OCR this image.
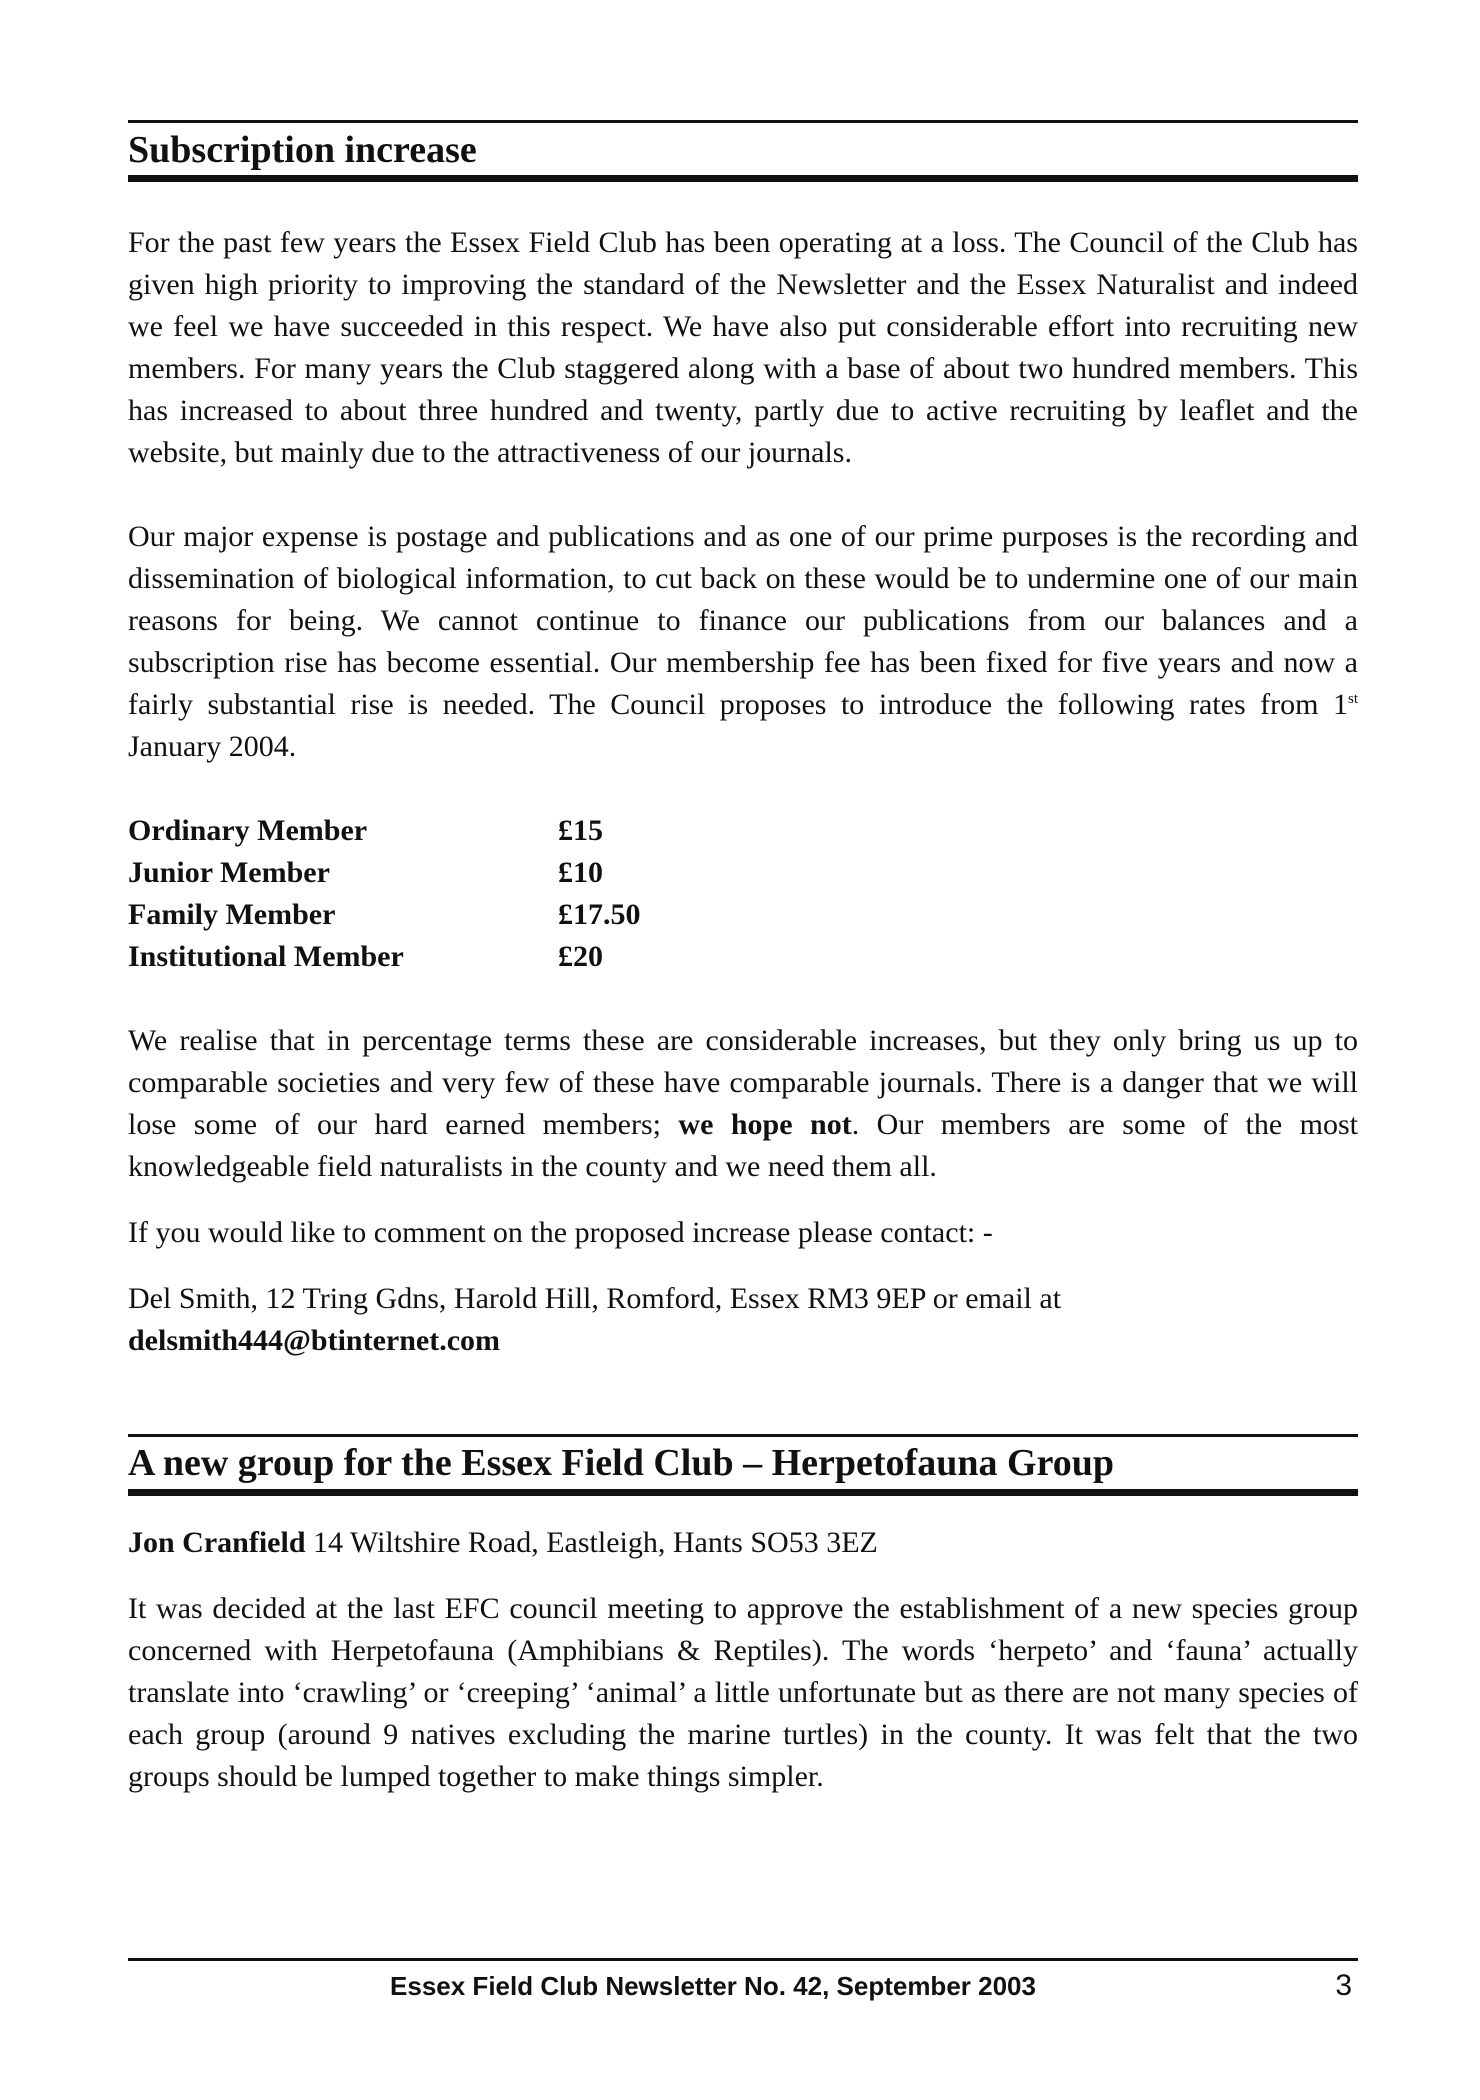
Subscription increase

For the past few years the Essex Field Club has been operating at a loss. The Council of the Club has given high priority to improving the standard of the Newsletter and the Essex Naturalist and indeed we feel we have succeeded in this respect. We have also put considerable effort into recruiting new members. For many years the Club staggered along with a base of about two hundred members. This has increased to about three hundred and twenty, partly due to active recruiting by leaflet and the website, but mainly due to the attractiveness of our journals.

Our major expense is postage and publications and as one of our prime purposes is the recording and dissemination of biological information, to cut back on these would be to undermine one of our main reasons for being. We cannot continue to finance our publications from our balances and a subscription rise has become essential. Our membership fee has been fixed for five years and now a fairly substantial rise is needed. The Council proposes to introduce the following rates from 1st January 2004.

Ordinary Member	£15
Junior Member	£10
Family Member	£17.50
Institutional Member	£20

We realise that in percentage terms these are considerable increases, but they only bring us up to comparable societies and very few of these have comparable journals. There is a danger that we will lose some of our hard earned members; we hope not. Our members are some of the most knowledgeable field naturalists in the county and we need them all.

If you would like to comment on the proposed increase please contact: -

Del Smith, 12 Tring Gdns, Harold Hill, Romford, Essex RM3 9EP or email at
delsmith444@btinternet.com

A new group for the Essex Field Club – Herpetofauna Group

Jon Cranfield 14 Wiltshire Road, Eastleigh, Hants SO53 3EZ

It was decided at the last EFC council meeting to approve the establishment of a new species group concerned with Herpetofauna (Amphibians & Reptiles). The words ‘herpeto’ and ‘fauna’ actually translate into ‘crawling’ or ‘creeping’ ‘animal’ a little unfortunate but as there are not many species of each group (around 9 natives excluding the marine turtles) in the county. It was felt that the two groups should be lumped together to make things simpler.

Essex Field Club Newsletter No. 42, September 2003	3
